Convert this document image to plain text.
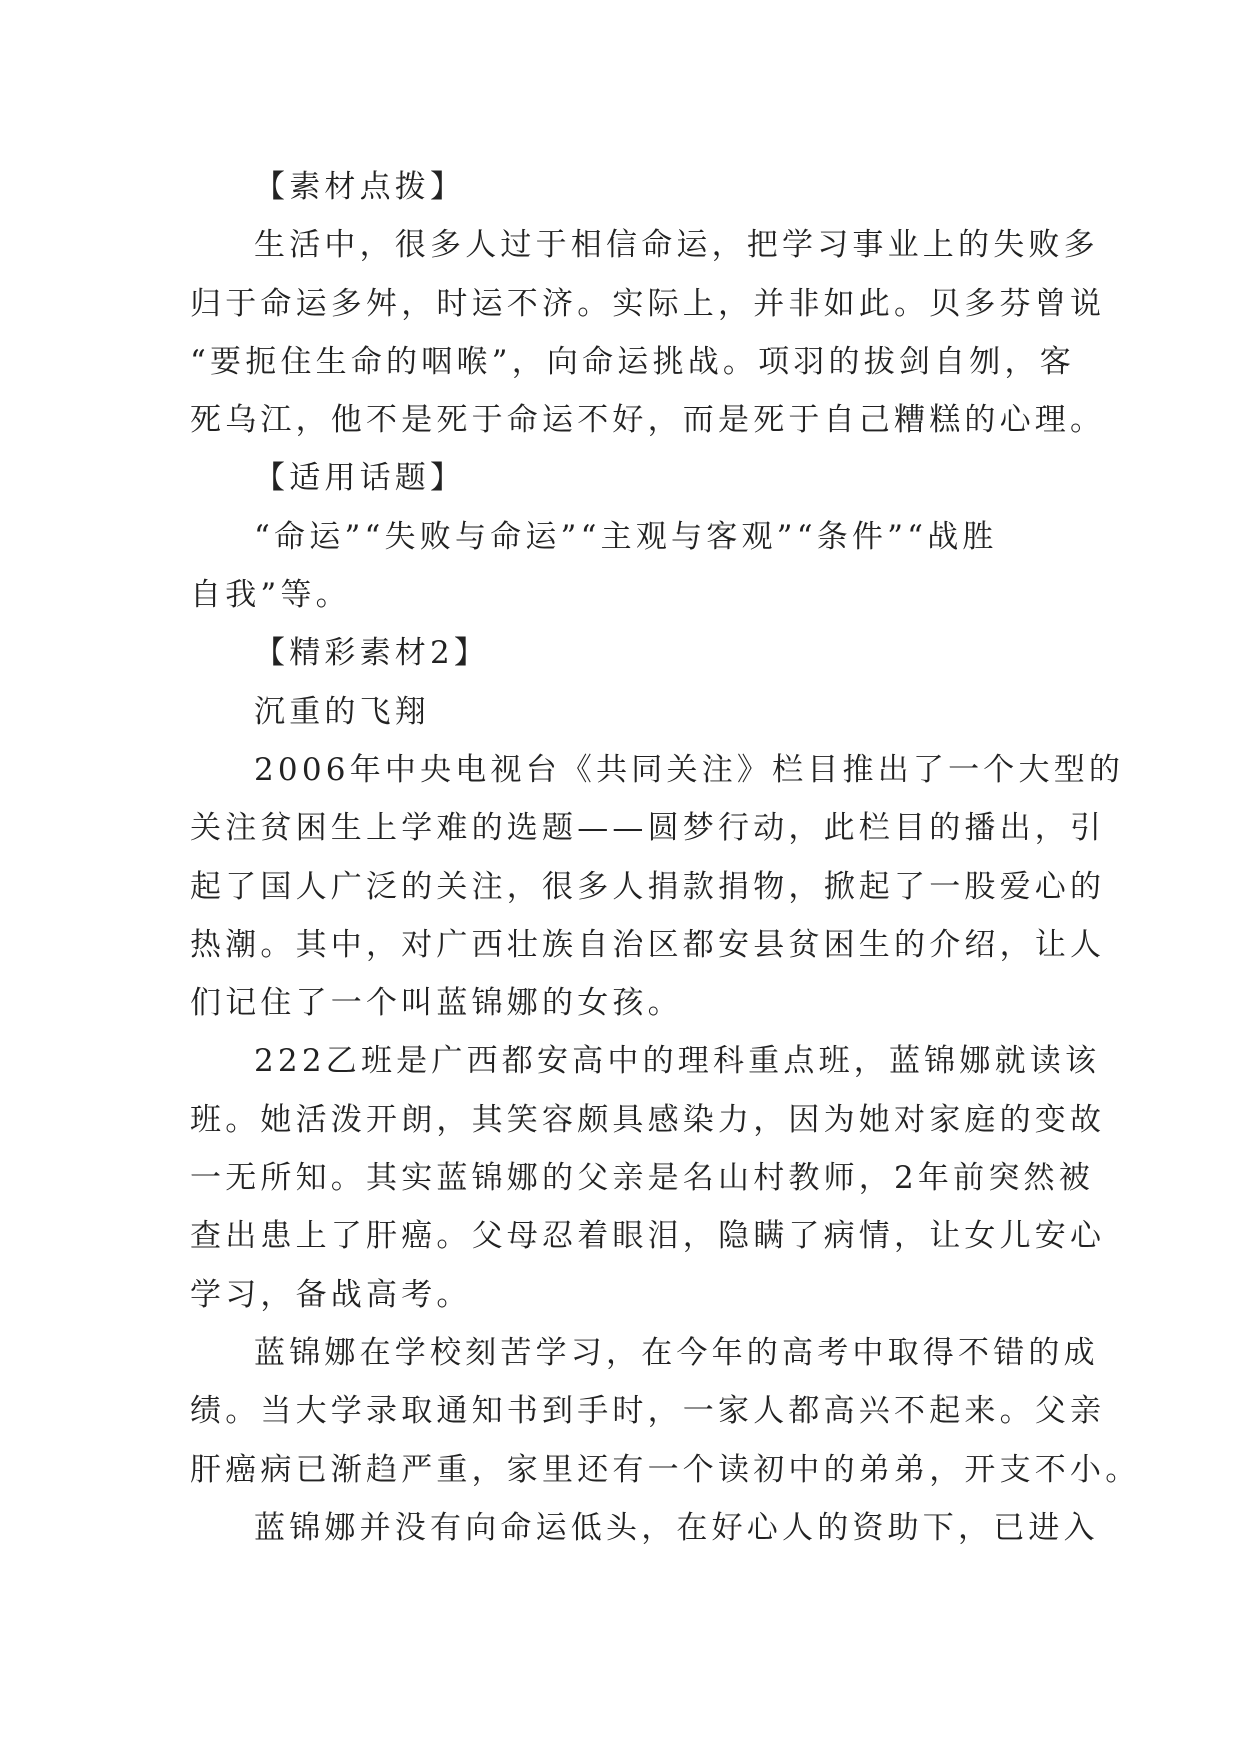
【素材点拨】
生活中，很多人过于相信命运，把学习事业上的失败多
归于命运多舛，时运不济。实际上，并非如此。贝多芬曾说
“要扼住生命的咽喉”，向命运挑战。项羽的拔剑自刎，客
死乌江，他不是死于命运不好，而是死于自己糟糕的心理。
【适用话题】
“命运”“失败与命运”“主观与客观”“条件”“战胜
自我”等。
【精彩素材2】
沉重的飞翔
2006年中央电视台《共同关注》栏目推出了一个大型的
关注贫困生上学难的选题——圆梦行动，此栏目的播出，引
起了国人广泛的关注，很多人捐款捐物，掀起了一股爱心的
热潮。其中，对广西壮族自治区都安县贫困生的介绍，让人
们记住了一个叫蓝锦娜的女孩。
222乙班是广西都安高中的理科重点班，蓝锦娜就读该
班。她活泼开朗，其笑容颇具感染力，因为她对家庭的变故
一无所知。其实蓝锦娜的父亲是名山村教师，2年前突然被
查出患上了肝癌。父母忍着眼泪，隐瞒了病情，让女儿安心
学习，备战高考。
蓝锦娜在学校刻苦学习，在今年的高考中取得不错的成
绩。当大学录取通知书到手时，一家人都高兴不起来。父亲
肝癌病已渐趋严重，家里还有一个读初中的弟弟，开支不小。
蓝锦娜并没有向命运低头，在好心人的资助下，已进入
